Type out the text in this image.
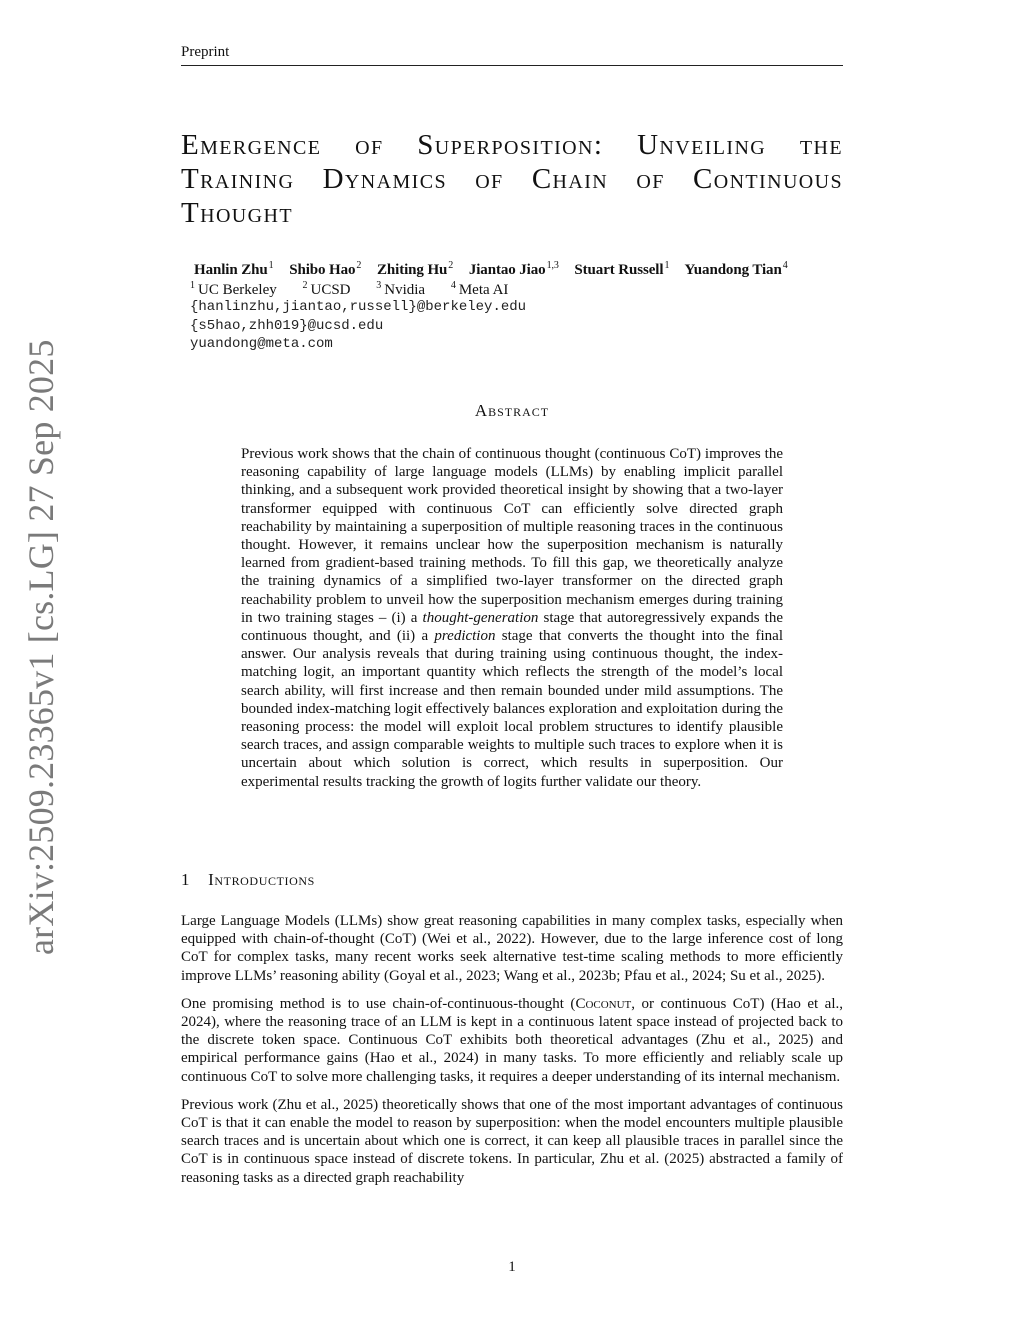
Preprint
arXiv:2509.23365v1 [cs.LG] 27 Sep 2025
Emergence of Superposition: Unveiling the
Training Dynamics of Chain of Continuous
Thought
Hanlin Zhu$^1$ Shibo Hao$^2$ Zhiting Hu$^2$ Jiantao Jiao$^{1,3}$ Stuart Russell$^1$ Yuandong Tian$^4$
$^1$ UC Berkeley	$^2$ UCSD	$^3$ Nvidia	$^4$ Meta AI
{hanlinzhu,jiantao,russell}@berkeley.edu
{s5hao,zhh019}@ucsd.edu
yuandong@meta.com
Abstract
Previous work shows that the chain of continuous thought (continuous CoT) improves the reasoning capability of large language models (LLMs) by enabling implicit parallel thinking, and a subsequent work provided theoretical insight by showing that a two-layer transformer equipped with continuous CoT can efficiently solve directed graph reachability by maintaining a superposition of multiple reasoning traces in the continuous thought. However, it remains unclear how the superposition mechanism is naturally learned from gradient-based training methods. To fill this gap, we theoretically analyze the training dynamics of a simplified two-layer transformer on the directed graph reachability problem to unveil how the superposition mechanism emerges during training in two training stages – (i) a thought-generation stage that autoregressively expands the continuous thought, and (ii) a prediction stage that converts the thought into the final answer. Our analysis reveals that during training using continuous thought, the index-matching logit, an important quantity which reflects the strength of the model’s local search ability, will first increase and then remain bounded under mild assumptions. The bounded index-matching logit effectively balances exploration and exploitation during the reasoning process: the model will exploit local problem structures to identify plausible search traces, and assign comparable weights to multiple such traces to explore when it is uncertain about which solution is correct, which results in superposition. Our experimental results tracking the growth of logits further validate our theory.
1 Introductions

Large Language Models (LLMs) show great reasoning capabilities in many complex tasks, especially when equipped with chain-of-thought (CoT) (Wei et al., 2022). However, due to the large inference cost of long CoT for complex tasks, many recent works seek alternative test-time scaling methods to more efficiently improve LLMs’ reasoning ability (Goyal et al., 2023; Wang et al., 2023b; Pfau et al., 2024; Su et al., 2025).

One promising method is to use chain-of-continuous-thought (Coconut, or continuous CoT) (Hao et al., 2024), where the reasoning trace of an LLM is kept in a continuous latent space instead of projected back to the discrete token space. Continuous CoT exhibits both theoretical advantages (Zhu et al., 2025) and empirical performance gains (Hao et al., 2024) in many tasks. To more efficiently and reliably scale up continuous CoT to solve more challenging tasks, it requires a deeper understanding of its internal mechanism.

Previous work (Zhu et al., 2025) theoretically shows that one of the most important advantages of continuous CoT is that it can enable the model to reason by superposition: when the model encounters multiple plausible search traces and is uncertain about which one is correct, it can keep all plausible traces in parallel since the CoT is in continuous space instead of discrete tokens. In particular, Zhu et al. (2025) abstracted a family of reasoning tasks as a directed graph reachability

1
